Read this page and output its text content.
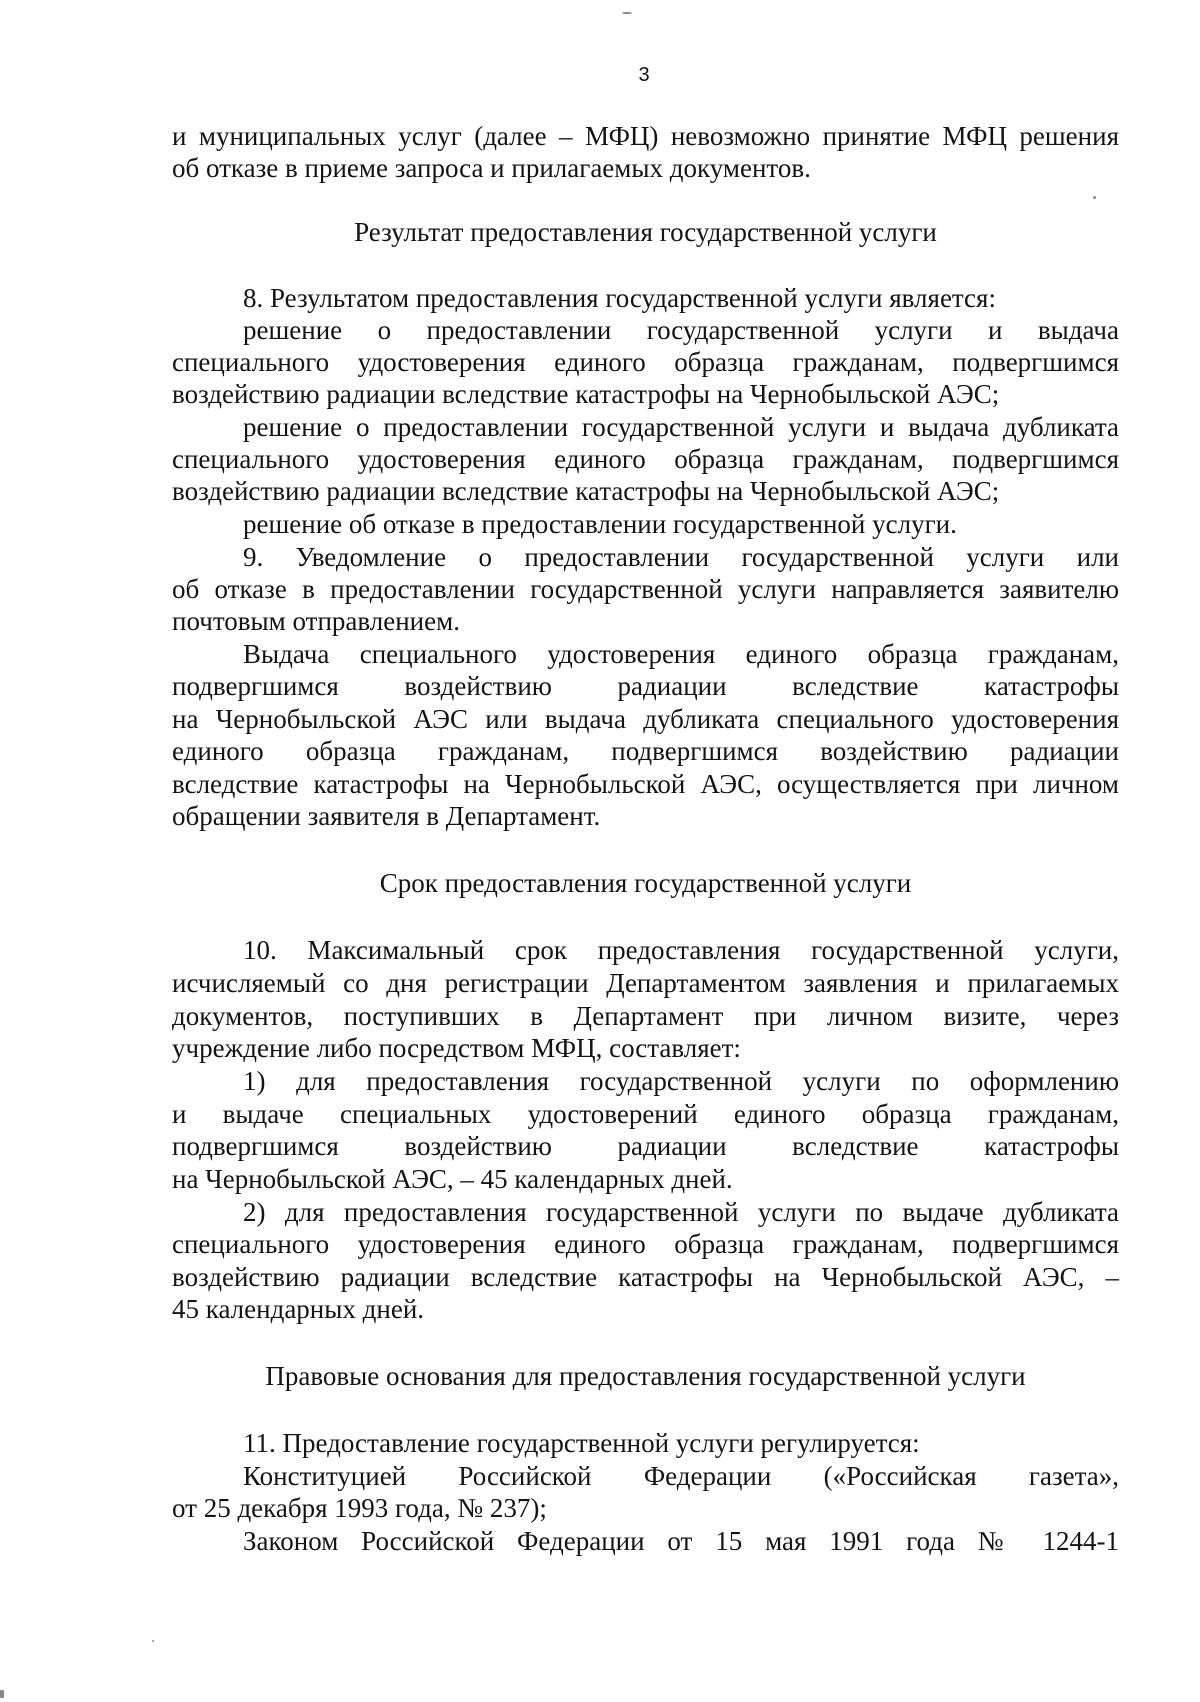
3
и муниципальных услуг (далее – МФЦ) невозможно принятие МФЦ решения
об отказе в приеме запроса и прилагаемых документов.
Результат предоставления государственной услуги
8. Результатом предоставления государственной услуги является:
решение о предоставлении государственной услуги и выдача
специального удостоверения единого образца гражданам, подвергшимся
воздействию радиации вследствие катастрофы на Чернобыльской АЭС;
решение о предоставлении государственной услуги и выдача дубликата
специального удостоверения единого образца гражданам, подвергшимся
воздействию радиации вследствие катастрофы на Чернобыльской АЭС;
решение об отказе в предоставлении государственной услуги.
9. Уведомление о предоставлении государственной услуги или
об отказе в предоставлении государственной услуги направляется заявителю
почтовым отправлением.
Выдача специального удостоверения единого образца гражданам,
подвергшимся воздействию радиации вследствие катастрофы
на Чернобыльской АЭС или выдача дубликата специального удостоверения
единого образца гражданам, подвергшимся воздействию радиации
вследствие катастрофы на Чернобыльской АЭС, осуществляется при личном
обращении заявителя в Департамент.
Срок предоставления государственной услуги
10. Максимальный срок предоставления государственной услуги,
исчисляемый со дня регистрации Департаментом заявления и прилагаемых
документов, поступивших в Департамент при личном визите, через
учреждение либо посредством МФЦ, составляет:
1) для предоставления государственной услуги по оформлению
и выдаче специальных удостоверений единого образца гражданам,
подвергшимся воздействию радиации вследствие катастрофы
на Чернобыльской АЭС, – 45 календарных дней.
2) для предоставления государственной услуги по выдаче дубликата
специального удостоверения единого образца гражданам, подвергшимся
воздействию радиации вследствие катастрофы на Чернобыльской АЭС, –
45 календарных дней.
Правовые основания для предоставления государственной услуги
11. Предоставление государственной услуги регулируется:
Конституцией Российской Федерации («Российская газета»,
от 25 декабря 1993 года, № 237);
Законом Российской Федерации от 15 мая 1991 года № 1244-1
